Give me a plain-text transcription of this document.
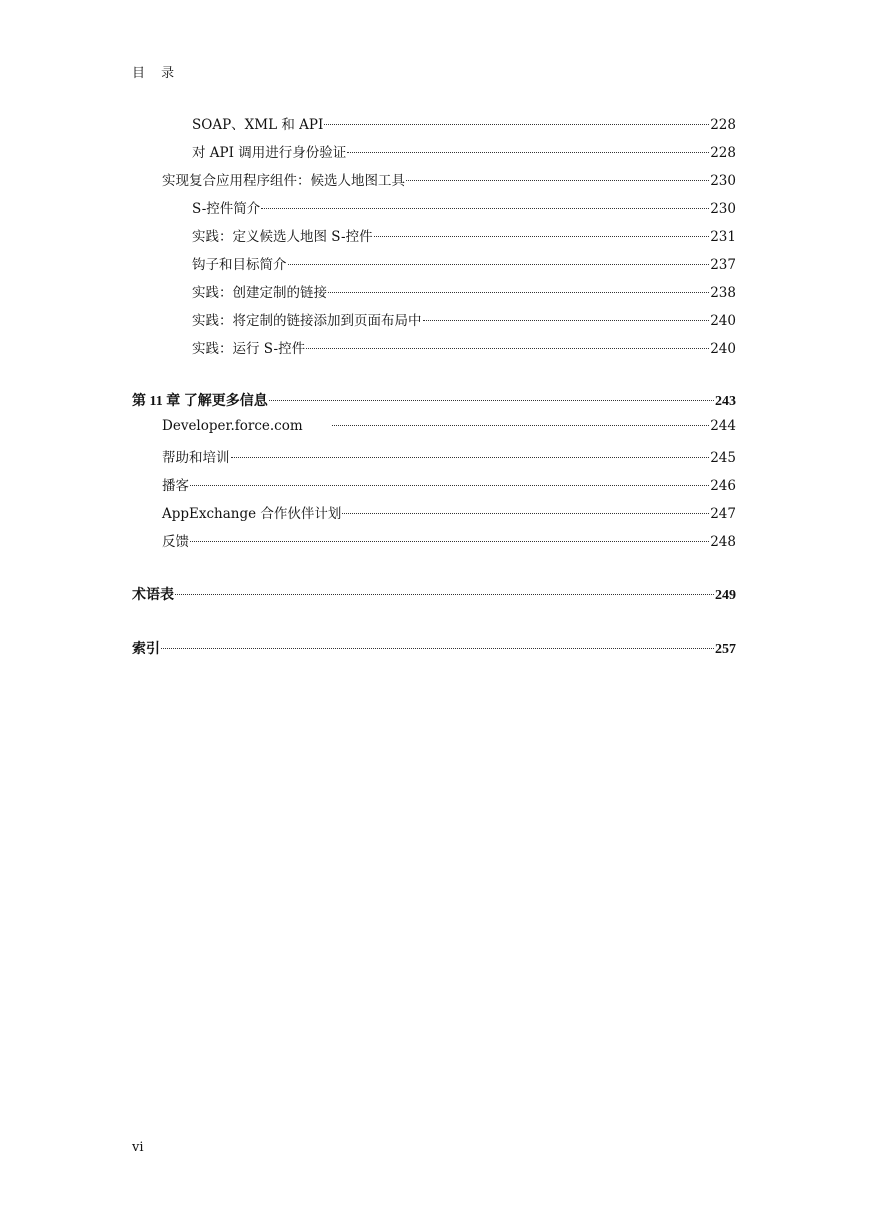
目 录
SOAP、XML 和 API	228
对 API 调用进行身份验证	228
实现复合应用程序组件：候选人地图工具	230
S-控件简介	230
实践：定义候选人地图 S-控件	231
钩子和目标简介	237
实践：创建定制的链接	238
实践：将定制的链接添加到页面布局中	240
实践：运行 S-控件	240
第 11 章 了解更多信息	243
Developer.force.com	244
帮助和培训	245
播客	246
AppExchange 合作伙伴计划	247
反馈	248
术语表	249
索引	257
vi
